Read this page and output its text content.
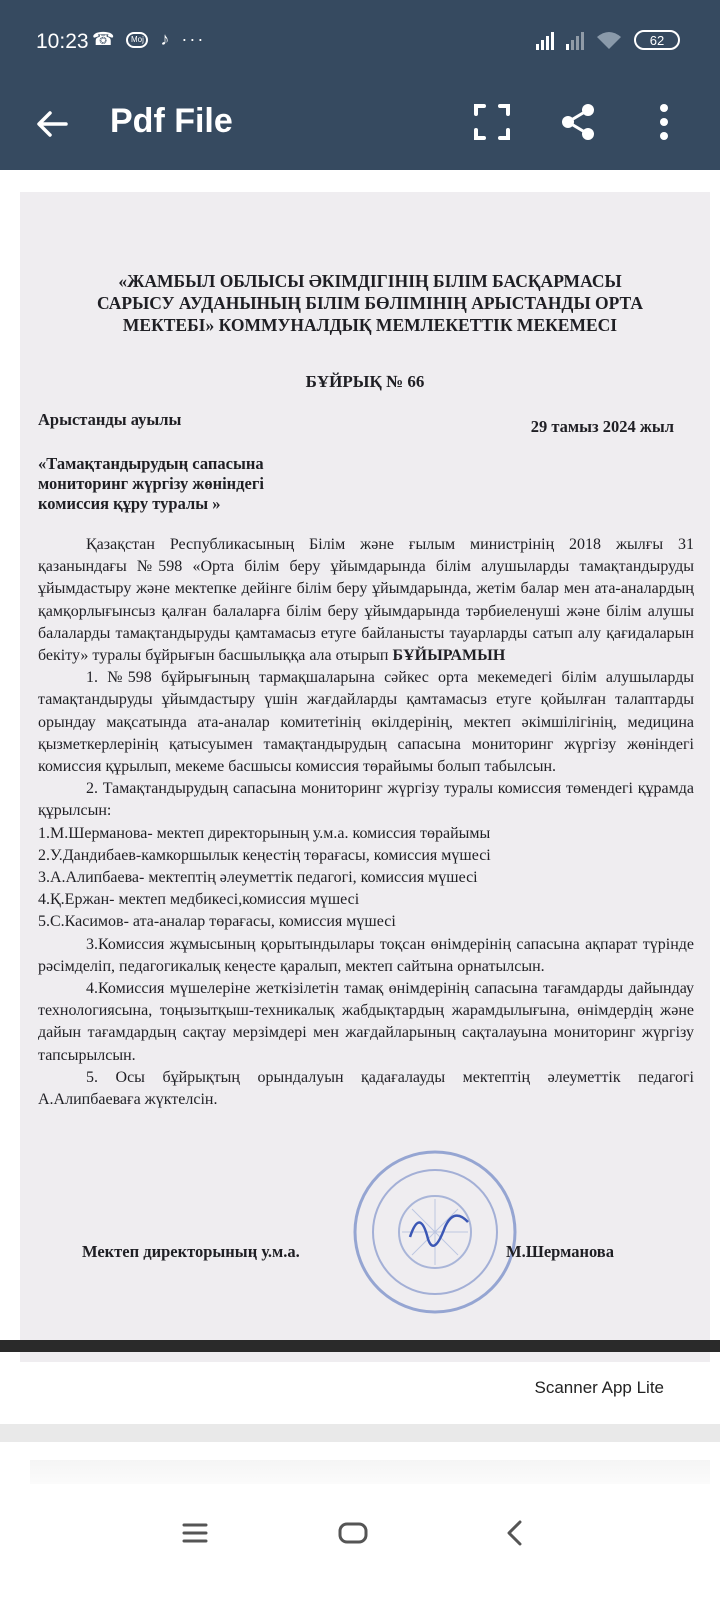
10:23 ☎	Moj ♪ ···	62
Pdf File
«ЖАМБЫЛ ОБЛЫСЫ ӘКІМДІГІНІҢ БІЛІМ БАСҚАРМАСЫ
САРЫСУ АУДАНЫНЫҢ БІЛІМ БӨЛІМІНІҢ АРЫСТАНДЫ ОРТА
МЕКТЕБІ» КОММУНАЛДЫҚ МЕМЛЕКЕТТІК МЕКЕМЕСІ
БҰЙРЫҚ № 66
Арыстанды ауылы	29 тамыз 2024 жыл
«Тамақтандырудың сапасына
мониторинг жүргізу жөніндегі
комиссия құру туралы »

Қазақстан Республикасының Білім және ғылым министрінің 2018 жылғы 31 қазанындағы №598 «Орта білім беру ұйымдарында білім алушыларды тамақтандыруды ұйымдастыру және мектепке дейінге білім беру ұйымдарында, жетім балар мен ата-аналардың қамқорлығынсыз қалған балаларға білім беру ұйымдарында тәрбиеленуші және білім алушы балаларды тамақтандыруды қамтамасыз етуге байланысты тауарларды сатып алу қағидаларын бекіту» туралы бұйрығын басшылыққа ала отырып БҰЙЫРАМЫН

1. №598 бұйрығының тармақшаларына сәйкес орта мекемедегі білім алушыларды тамақтандыруды ұйымдастыру үшін жағдайларды қамтамасыз етуге қойылған талаптарды орындау мақсатында ата-аналар комитетінің өкілдерінің, мектеп әкімшілігінің, медицина қызметкерлерінің қатысуымен тамақтандырудың сапасына мониторинг жүргізу жөніндегі комиссия құрылып, мекеме басшысы комиссия төрайымы болып табылсын.

2. Тамақтандырудың сапасына мониторинг жүргізу туралы комиссия төмендегі құрамда құрылсын:

1.М.Шерманова- мектеп директорының у.м.а. комиссия төрайымы

2.У.Дандибаев-камкоршылык кеңестің төрағасы, комиссия мүшесі

3.А.Алипбаева- мектептің әлеуметтік педагогі, комиссия мүшесі

4.Қ.Ержан- мектеп медбикесі,комиссия мүшесі

5.С.Касимов- ата-аналар төрағасы, комиссия мүшесі

3.Комиссия жұмысының қорытындылары тоқсан өнімдерінің сапасына ақпарат түрінде рәсімделіп, педагогикалық кеңесте қаралып, мектеп сайтына орнатылсын.

4.Комиссия мүшелеріне жеткізілетін тамақ өнімдерінің сапасына тағамдарды дайындау технологиясына, тоңызытқыш-техникалық жабдықтардың жарамдылығына, өнімдердің және дайын тағамдардың сақтау мерзімдері мен жағдайларының сақталауына мониторинг жүргізу тапсырылсын.

5. Осы бұйрықтың орындалуын қадағалауды мектептің әлеуметтік педагогі А.Алипбаеваға жүктелсін.

Мектеп директорының у.м.а.	М.Шерманова
Scanner App Lite
